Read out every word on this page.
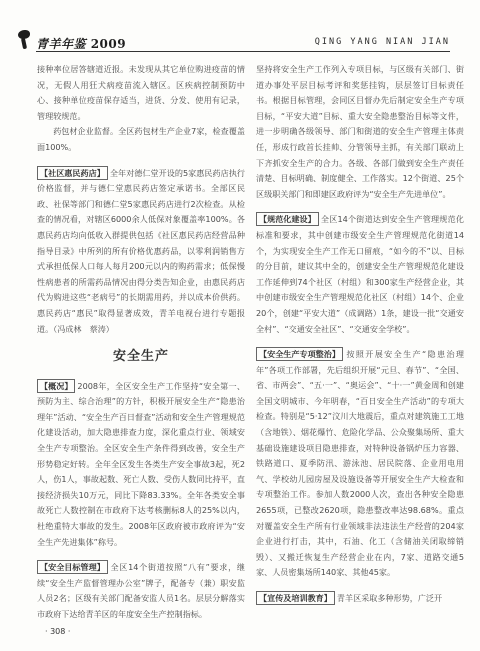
青羊年鉴 2009	QING YANG NIAN JIAN

接种率位居答辖道近报。未发现从其它单位购进疫苗的情况，无假人用狂犬病疫苗流入辖区。区疾病控制预防中心、接种单位疫苗保存适当，进货、分发、使用有记录，管理较规范。

药包材企业监督。全区药包材生产企业7家，检查覆盖面100%。

【社区惠民药店】 全年对德仁堂开设的5家惠民药店执行价格监督，并与德仁堂惠民药店签定承诺书。全部区民政、社保等部门和德仁堂5家惠民药店进行2次检查。从检查的情况看，对辖区6000余人低保对象覆盖率100%。各惠民药店均向低收入群提供包括《社区惠民药店经营品种指导目录》中所列的所有价格优惠药品，以零利润销售方式承担低保人口每人每月200元以内的购药需求；低保慢性病患者的所需药品情况由得分类告知企业，由惠民药店代为购进这些“老病号”的长期需用药，并以成本价供药。惠民药店“惠民”取得显著成效，青羊电视台进行专题报道。（冯成林　蔡涛）

安全生产

【概况】 2008年，全区安全生产工作坚持“安全第一、预防为主、综合治理”的方针，积极开展安全生产“隐患治理年”活动、“安全生产百日督查”活动和安全生产管理规范化建设活动，加大隐患排查力度，深化重点行业、领域安全生产专项整治。全区安全生产条件得到改善，安全生产形势稳定好转。全年全区发生各类生产安全事故3起，死2人，伤1人，事故起数、死亡人数、受伤人数同比持平，直接经济损失10万元，同比下降83.33%。全年各类安全事故死亡人数控制在市政府下达考核删标8人的25%以内，杜绝重特大事故的发生。2008年区政府被市政府评为“安全生产先进集体”称号。

【安全目标管理】 全区14个街道按照“八有”要求，继续“安全生产监督管理办公室”牌子，配备专（兼）职安监人员2名；区级有关部门配备安监人员1名。层层分解落实市政府下达给青羊区的年度安全生产控制指标。

坚持将安全生产工作列入专项目标，与区级有关部门、街道办事处平层目标考评和奖惩挂钩，层层签订目标责任书。根据目标管理，会同区目督办先后制定安全生产专项目标，“平安大道”目标、重大安全隐患整治目标等文件，进一步明确各级领导、部门和街道的安全生产管理主体责任，形成行政首长挂帅、分管领导主抓，有关部门联动上下齐抓安全生产的合力。各级、各部门做到安全生产责任清楚、目标明确、制度健全、工作落实。12个街道、25个区级职关部门和即建区政府评为“安全生产先进单位”。

【规范化建设】 全区14个街道达到安全生产管理规范化标准和要求，其中创建市级安全生产管理规范化街道14个，为实现安全生产工作无口留痕，“如今的不”以、目标的分目前，建议其中全的，创建安全生产管理规范化建设工作延伸到74个社区（村组）和300家生产经营企业，其中创建市级安全生产管理规范化社区（村组）14个、企业20个，创建“平安大道”（成调路）1条，建设一批“交通安全村”、“交通安全社区”、“交通安全学校”。

【安全生产专项整治】 按照开展安全生产“隐患治理年”各项工作部署，先后组织开展“元旦、春节”、“全国、省、市两会”、“五·一”、“奥运会”、“十·一”黄金周和创建全国文明城市、今年明春，“百日安全生产活动”的专项大检查。特别是“5·12”汶川大地震后，重点对建筑施工工地（含地铁）、烟花爆竹、危险化学品、公众聚集场所、重大基础设施建设项目隐患排查，对特种设备锅炉压力容器、铁路道口、夏季防汛、游泳池、居民院落、企业用电用气、学校幼儿园房屋及设施设备等开展安全生产大检查和专项整治工作。参加人数2000人次，查出各种安全隐患2655项，已整改2620项，隐患整改率达98.68%。重点对覆盖安全生产所有行业领域非法违法生产经营的204家企业进行打击，其中，石油、化工（含储油关闭取缔销毁）、又搬迁恢复生产经营企业在内，7家、道路交通5家、人员密集场所140家、其他45家。

【宣传及培训教育】 青羊区采取多种形势，广泛开

· 308 ·
